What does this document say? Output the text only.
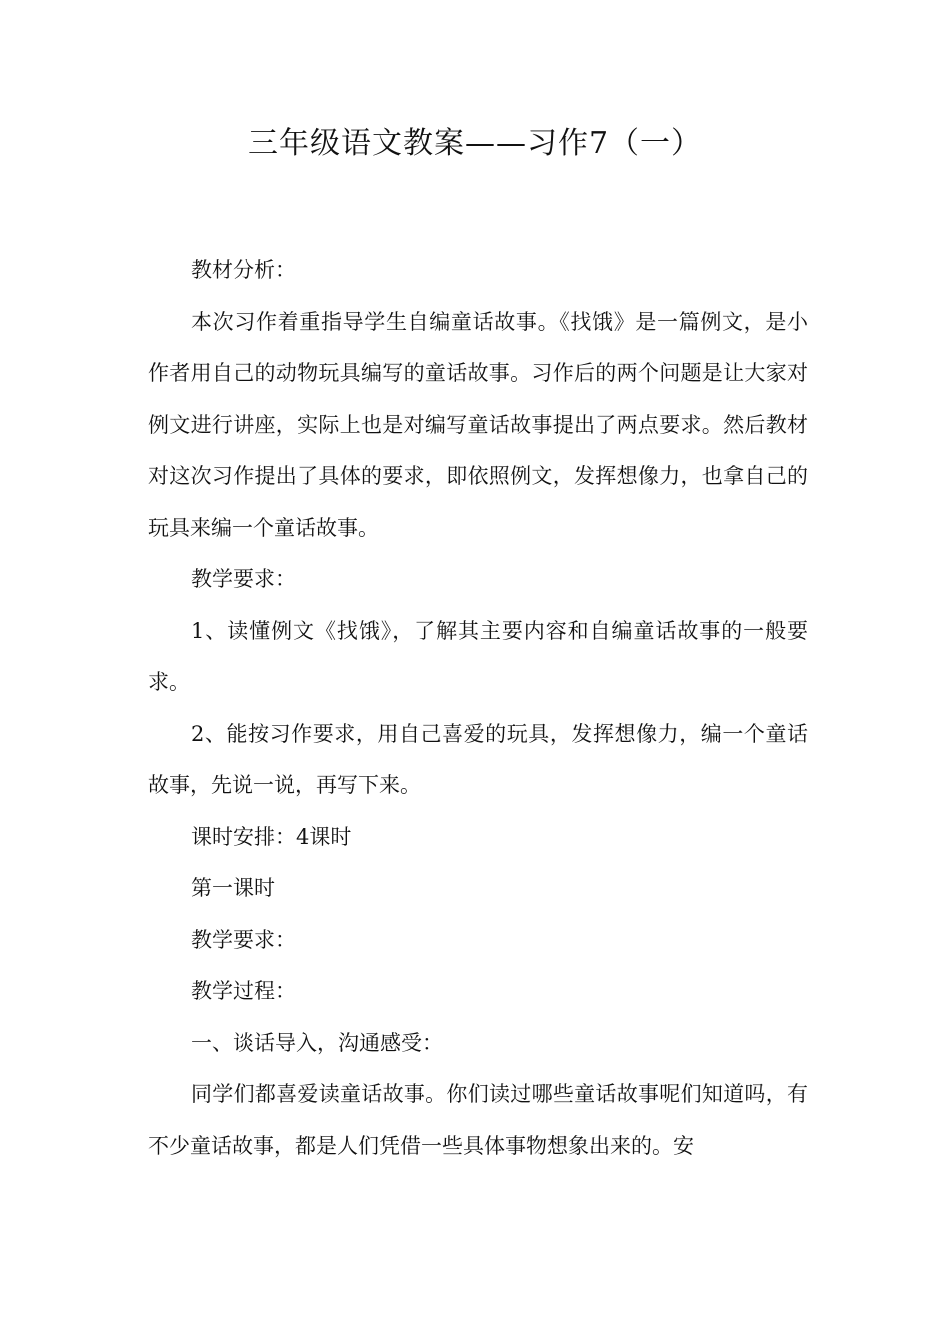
三年级语文教案——习作7（一）

教材分析：

本次习作着重指导学生自编童话故事。《找饿》是一篇例文，是小作者用自己的动物玩具编写的童话故事。习作后的两个问题是让大家对例文进行讲座，实际上也是对编写童话故事提出了两点要求。然后教材对这次习作提出了具体的要求，即依照例文，发挥想像力，也拿自己的玩具来编一个童话故事。

教学要求：

1、读懂例文《找饿》，了解其主要内容和自编童话故事的一般要求。

2、能按习作要求，用自己喜爱的玩具，发挥想像力，编一个童话故事，先说一说，再写下来。

课时安排：4课时

第一课时

教学要求：

教学过程：

一、谈话导入，沟通感受：

同学们都喜爱读童话故事。你们读过哪些童话故事呢们知道吗，有不少童话故事，都是人们凭借一些具体事物想象出来的。安
